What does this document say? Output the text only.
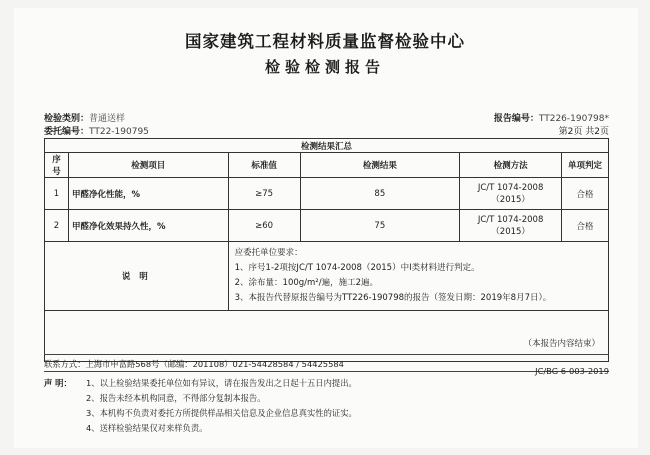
国家建筑工程材料质量监督检验中心
检验检测报告
检验类别：普通送样
委托编号：TT22-190795
报告编号：TT226-190798*
第2页 共2页
检测结果汇总					
序号	检测项目	标准值	检测结果	检测方法	单项判定
1	甲醛净化性能，%	≥75	85	JC/T 1074-2008（2015）	合格
2	甲醛净化效果持久性，%	≥60	75	JC/T 1074-2008（2015）	合格
说 明		应委托单位要求：
1、序号1-2项按JC/T 1074-2008（2015）中Ⅰ类材料进行判定。
2、涂布量：100g/m²/遍，施工2遍。
3、本报告代替原报告编号为TT226-190798的报告（签发日期：2019年8月7日）。			

（本报告内容结束）					
联系方式：上海市申富路568号（邮编：201108）021-54428584 / 54425584
JC/BG 6-003-2019
声 明： 1、以上检验结果委托单位如有异议，请在报告发出之日起十五日内提出。
2、报告未经本机构同意，不得部分复制本报告。
3、本机构不负责对委托方所提供样品相关信息及企业信息真实性的证实。
4、送样检验结果仅对来样负责。
